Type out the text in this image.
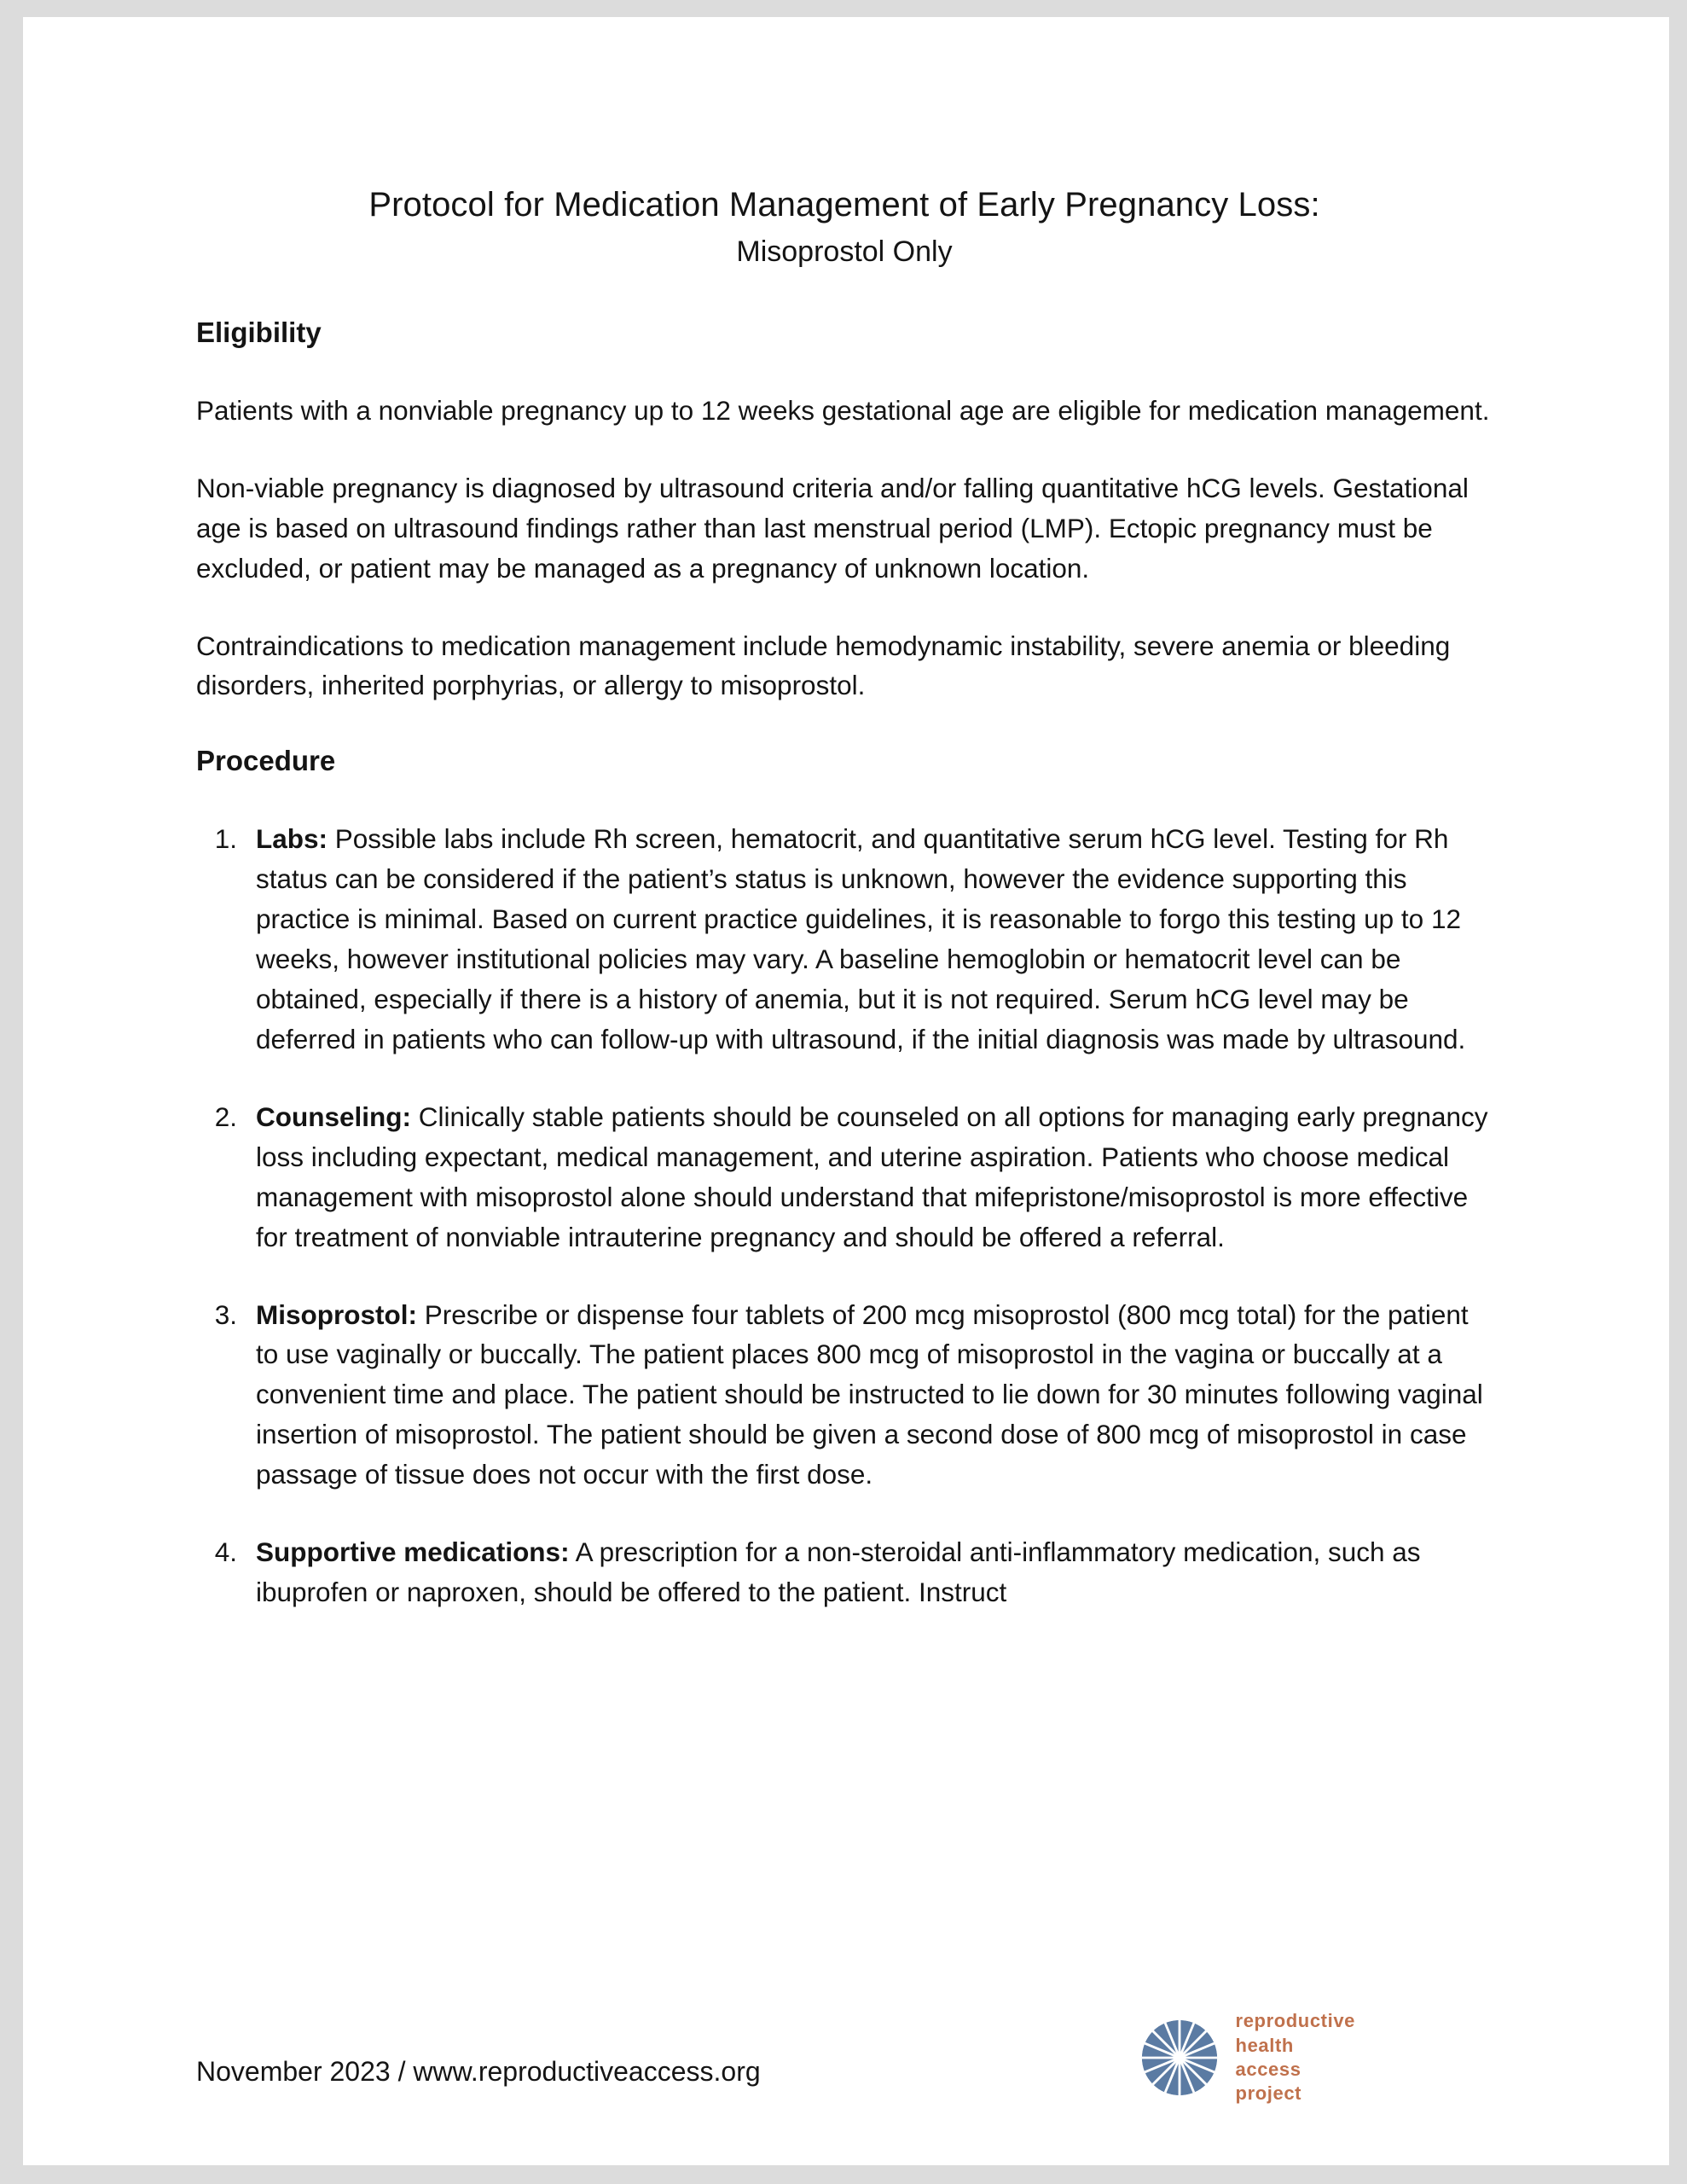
Protocol for Medication Management of Early Pregnancy Loss:
Misoprostol Only
Eligibility

Patients with a nonviable pregnancy up to 12 weeks gestational age are eligible for medication management.

Non-viable pregnancy is diagnosed by ultrasound criteria and/or falling quantitative hCG levels. Gestational age is based on ultrasound findings rather than last menstrual period (LMP). Ectopic pregnancy must be excluded, or patient may be managed as a pregnancy of unknown location.

Contraindications to medication management include hemodynamic instability, severe anemia or bleeding disorders, inherited porphyrias, or allergy to misoprostol.

Procedure
1. Labs: Possible labs include Rh screen, hematocrit, and quantitative serum hCG level. Testing for Rh status can be considered if the patient’s status is unknown, however the evidence supporting this practice is minimal. Based on current practice guidelines, it is reasonable to forgo this testing up to 12 weeks, however institutional policies may vary. A baseline hemoglobin or hematocrit level can be obtained, especially if there is a history of anemia, but it is not required. Serum hCG level may be deferred in patients who can follow-up with ultrasound, if the initial diagnosis was made by ultrasound.
2. Counseling: Clinically stable patients should be counseled on all options for managing early pregnancy loss including expectant, medical management, and uterine aspiration. Patients who choose medical management with misoprostol alone should understand that mifepristone/misoprostol is more effective for treatment of nonviable intrauterine pregnancy and should be offered a referral.
3. Misoprostol: Prescribe or dispense four tablets of 200 mcg misoprostol (800 mcg total) for the patient to use vaginally or buccally. The patient places 800 mcg of misoprostol in the vagina or buccally at a convenient time and place. The patient should be instructed to lie down for 30 minutes following vaginal insertion of misoprostol. The patient should be given a second dose of 800 mcg of misoprostol in case passage of tissue does not occur with the first dose.
4. Supportive medications: A prescription for a non-steroidal anti-inflammatory medication, such as ibuprofen or naproxen, should be offered to the patient. Instruct
November 2023 / www.reproductiveaccess.org
reproductive
health
access
project
